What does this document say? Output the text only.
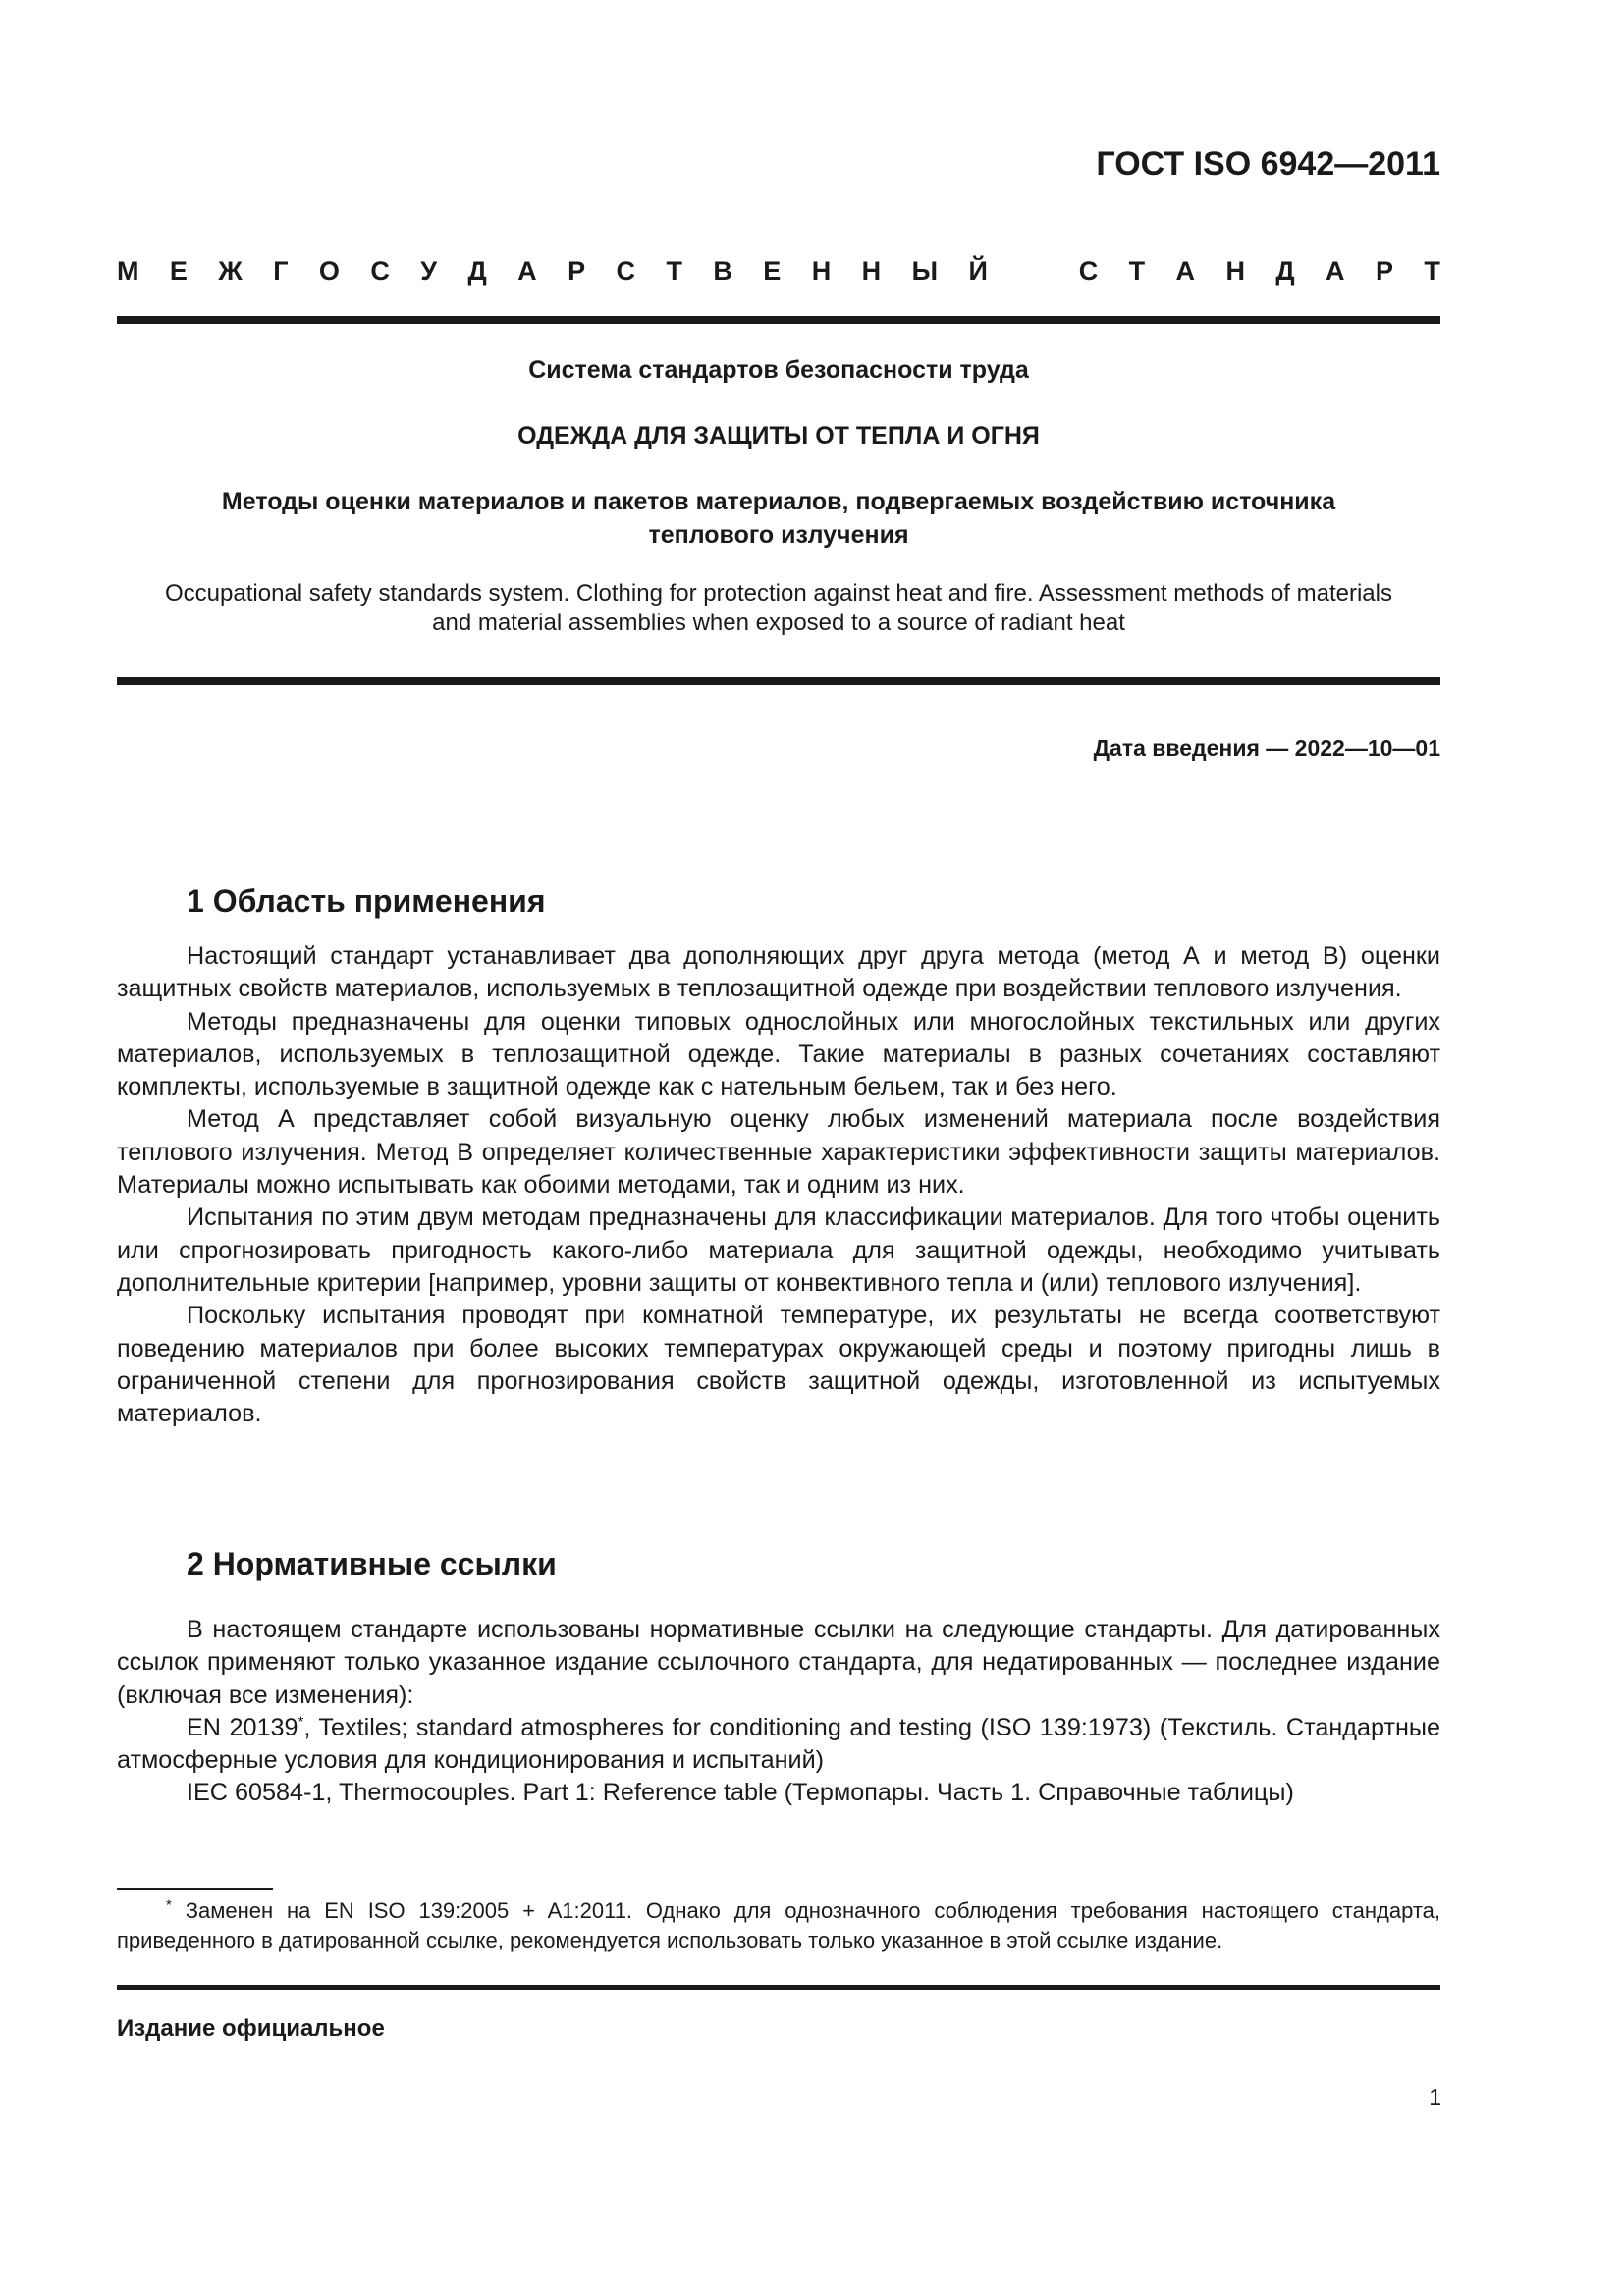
ГОСТ ISO 6942—2011
М Е Ж Г О С У Д А Р С Т В Е Н Н Ы Й	С Т А Н Д А Р Т
Система стандартов безопасности труда
ОДЕЖДА ДЛЯ ЗАЩИТЫ ОТ ТЕПЛА И ОГНЯ
Методы оценки материалов и пакетов материалов, подвергаемых воздействию источника
теплового излучения
Occupational safety standards system. Clothing for protection against heat and fire. Assessment methods of materials
and material assemblies when exposed to a source of radiant heat
Дата введения — 2022—10—01
1 Область применения

Настоящий стандарт устанавливает два дополняющих друг друга метода (метод А и метод В) оценки защитных свойств материалов, используемых в теплозащитной одежде при воздействии теплового излучения.

Методы предназначены для оценки типовых однослойных или многослойных текстильных или других материалов, используемых в теплозащитной одежде. Такие материалы в разных сочетаниях составляют комплекты, используемые в защитной одежде как с нательным бельем, так и без него.

Метод А представляет собой визуальную оценку любых изменений материала после воздействия теплового излучения. Метод В определяет количественные характеристики эффективности защиты материалов. Материалы можно испытывать как обоими методами, так и одним из них.

Испытания по этим двум методам предназначены для классификации материалов. Для того чтобы оценить или спрогнозировать пригодность какого-либо материала для защитной одежды, необходимо учитывать дополнительные критерии [например, уровни защиты от конвективного тепла и (или) теплового излучения].

Поскольку испытания проводят при комнатной температуре, их результаты не всегда соответствуют поведению материалов при более высоких температурах окружающей среды и поэтому пригодны лишь в ограниченной степени для прогнозирования свойств защитной одежды, изготовленной из испытуемых материалов.

2 Нормативные ссылки

В настоящем стандарте использованы нормативные ссылки на следующие стандарты. Для датированных ссылок применяют только указанное издание ссылочного стандарта, для недатированных — последнее издание (включая все изменения):

EN 20139*, Textiles; standard atmospheres for conditioning and testing (ISO 139:1973) (Текстиль. Стандартные атмосферные условия для кондиционирования и испытаний)

IEC 60584-1, Thermocouples. Part 1: Reference table (Термопары. Часть 1. Справочные таблицы)

* Заменен на EN ISO 139:2005 + A1:2011. Однако для однозначного соблюдения требования настоящего стандарта, приведенного в датированной ссылке, рекомендуется использовать только указанное в этой ссылке издание.
Издание официальное
1
